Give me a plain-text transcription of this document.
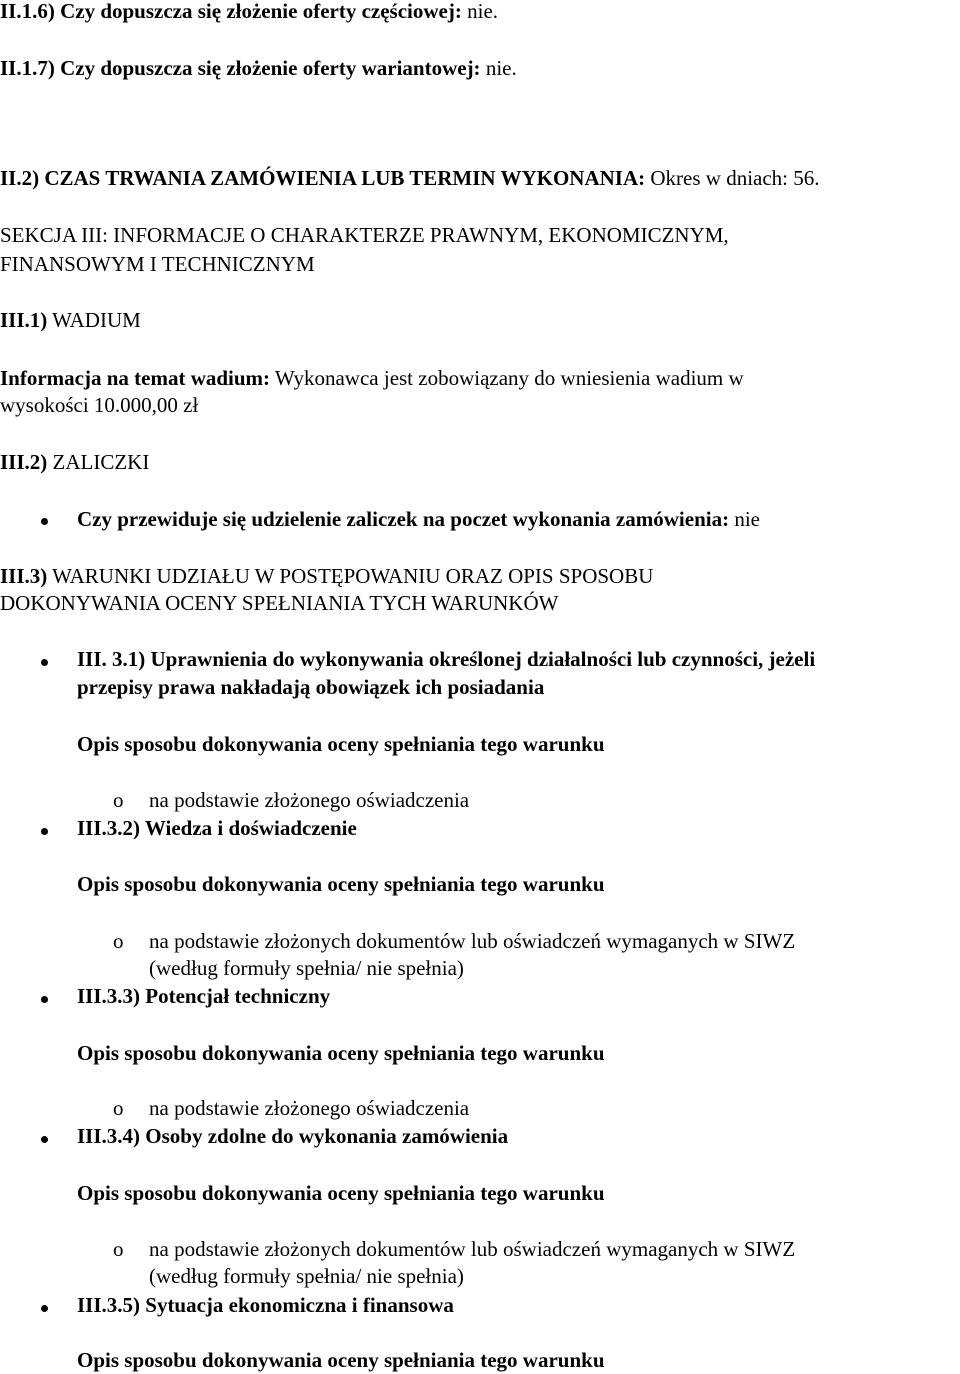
II.1.6) Czy dopuszcza się złożenie oferty częściowej: nie.
II.1.7) Czy dopuszcza się złożenie oferty wariantowej: nie.
II.2) CZAS TRWANIA ZAMÓWIENIA LUB TERMIN WYKONANIA: Okres w dniach: 56.
SEKCJA III: INFORMACJE O CHARAKTERZE PRAWNYM, EKONOMICZNYM,
FINANSOWYM I TECHNICZNYM
III.1) WADIUM
Informacja na temat wadium: Wykonawca jest zobowiązany do wniesienia wadium w
wysokości 10.000,00 zł
III.2) ZALICZKI
Czy przewiduje się udzielenie zaliczek na poczet wykonania zamówienia: nie
III.3) WARUNKI UDZIAŁU W POSTĘPOWANIU ORAZ OPIS SPOSOBU
DOKONYWANIA OCENY SPEŁNIANIA TYCH WARUNKÓW
III. 3.1) Uprawnienia do wykonywania określonej działalności lub czynności, jeżeli
przepisy prawa nakładają obowiązek ich posiadania
Opis sposobu dokonywania oceny spełniania tego warunku
o na podstawie złożonego oświadczenia
III.3.2) Wiedza i doświadczenie
Opis sposobu dokonywania oceny spełniania tego warunku
o na podstawie złożonych dokumentów lub oświadczeń wymaganych w SIWZ
(według formuły spełnia/ nie spełnia)
III.3.3) Potencjał techniczny
Opis sposobu dokonywania oceny spełniania tego warunku
o na podstawie złożonego oświadczenia
III.3.4) Osoby zdolne do wykonania zamówienia
Opis sposobu dokonywania oceny spełniania tego warunku
o na podstawie złożonych dokumentów lub oświadczeń wymaganych w SIWZ
(według formuły spełnia/ nie spełnia)
III.3.5) Sytuacja ekonomiczna i finansowa
Opis sposobu dokonywania oceny spełniania tego warunku
